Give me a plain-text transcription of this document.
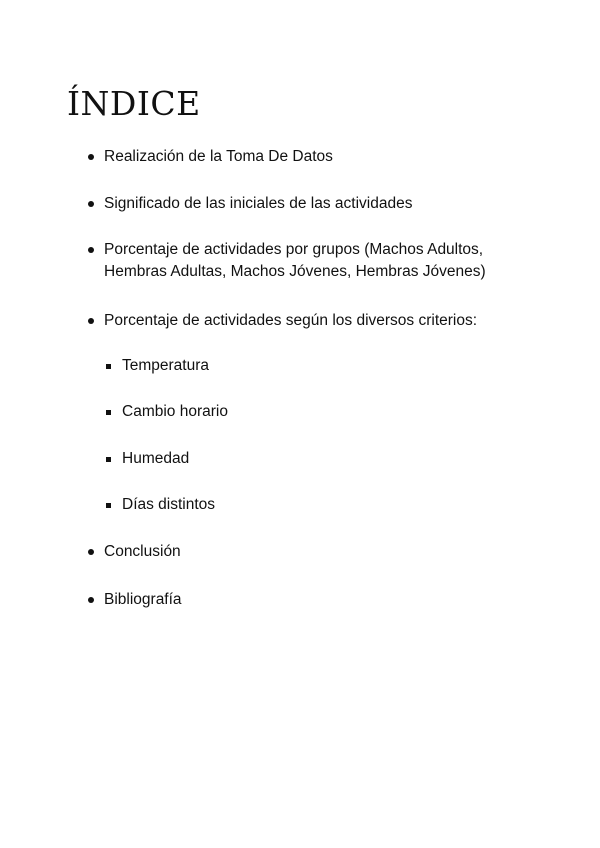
ÍNDICE
Realización de la Toma De Datos
Significado de las iniciales de las actividades
Porcentaje de actividades por grupos (Machos Adultos,
Hembras Adultas, Machos Jóvenes, Hembras Jóvenes)
Porcentaje de actividades según los diversos criterios:
Temperatura
Cambio horario
Humedad
Días distintos
Conclusión
Bibliografía
